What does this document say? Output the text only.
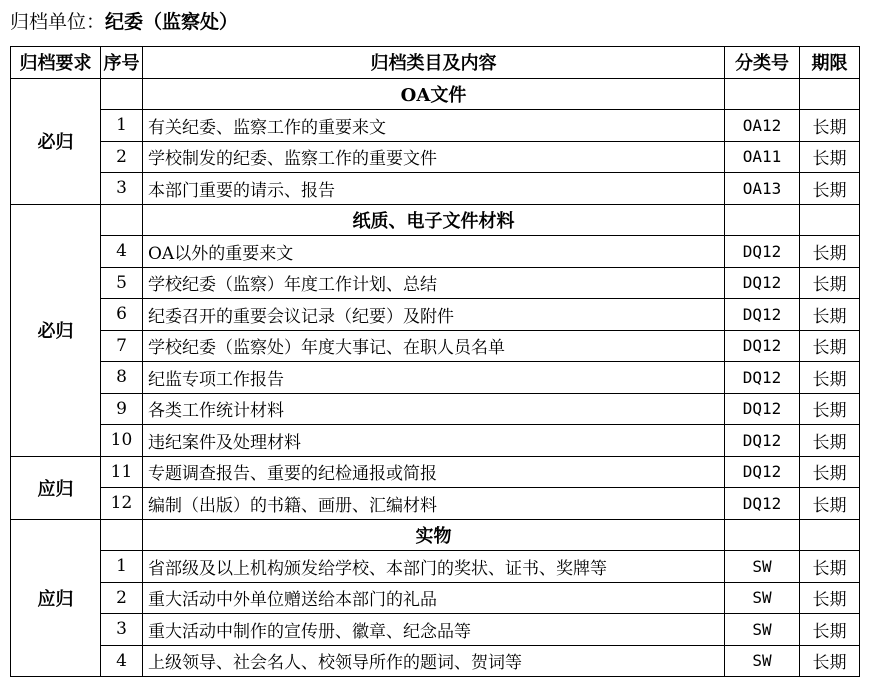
归档单位：纪委（监察处）
归档要求	序号	归档类目及内容	分类号	期限
必归		OA文件		
	1	有关纪委、监察工作的重要来文	OA12	长期
	2	学校制发的纪委、监察工作的重要文件	OA11	长期
	3	本部门重要的请示、报告	OA13	长期
必归		纸质、电子文件材料		
	4	OA以外的重要来文	DQ12	长期
	5	学校纪委（监察）年度工作计划、总结	DQ12	长期
	6	纪委召开的重要会议记录（纪要）及附件	DQ12	长期
	7	学校纪委（监察处）年度大事记、在职人员名单	DQ12	长期
	8	纪监专项工作报告	DQ12	长期
	9	各类工作统计材料	DQ12	长期
	10	违纪案件及处理材料	DQ12	长期
应归	11	专题调查报告、重要的纪检通报或简报	DQ12	长期
	12	编制（出版）的书籍、画册、汇编材料	DQ12	长期
应归		实物		
	1	省部级及以上机构颁发给学校、本部门的奖状、证书、奖牌等	SW	长期
	2	重大活动中外单位赠送给本部门的礼品	SW	长期
	3	重大活动中制作的宣传册、徽章、纪念品等	SW	长期
	4	上级领导、社会名人、校领导所作的题词、贺词等	SW	长期
